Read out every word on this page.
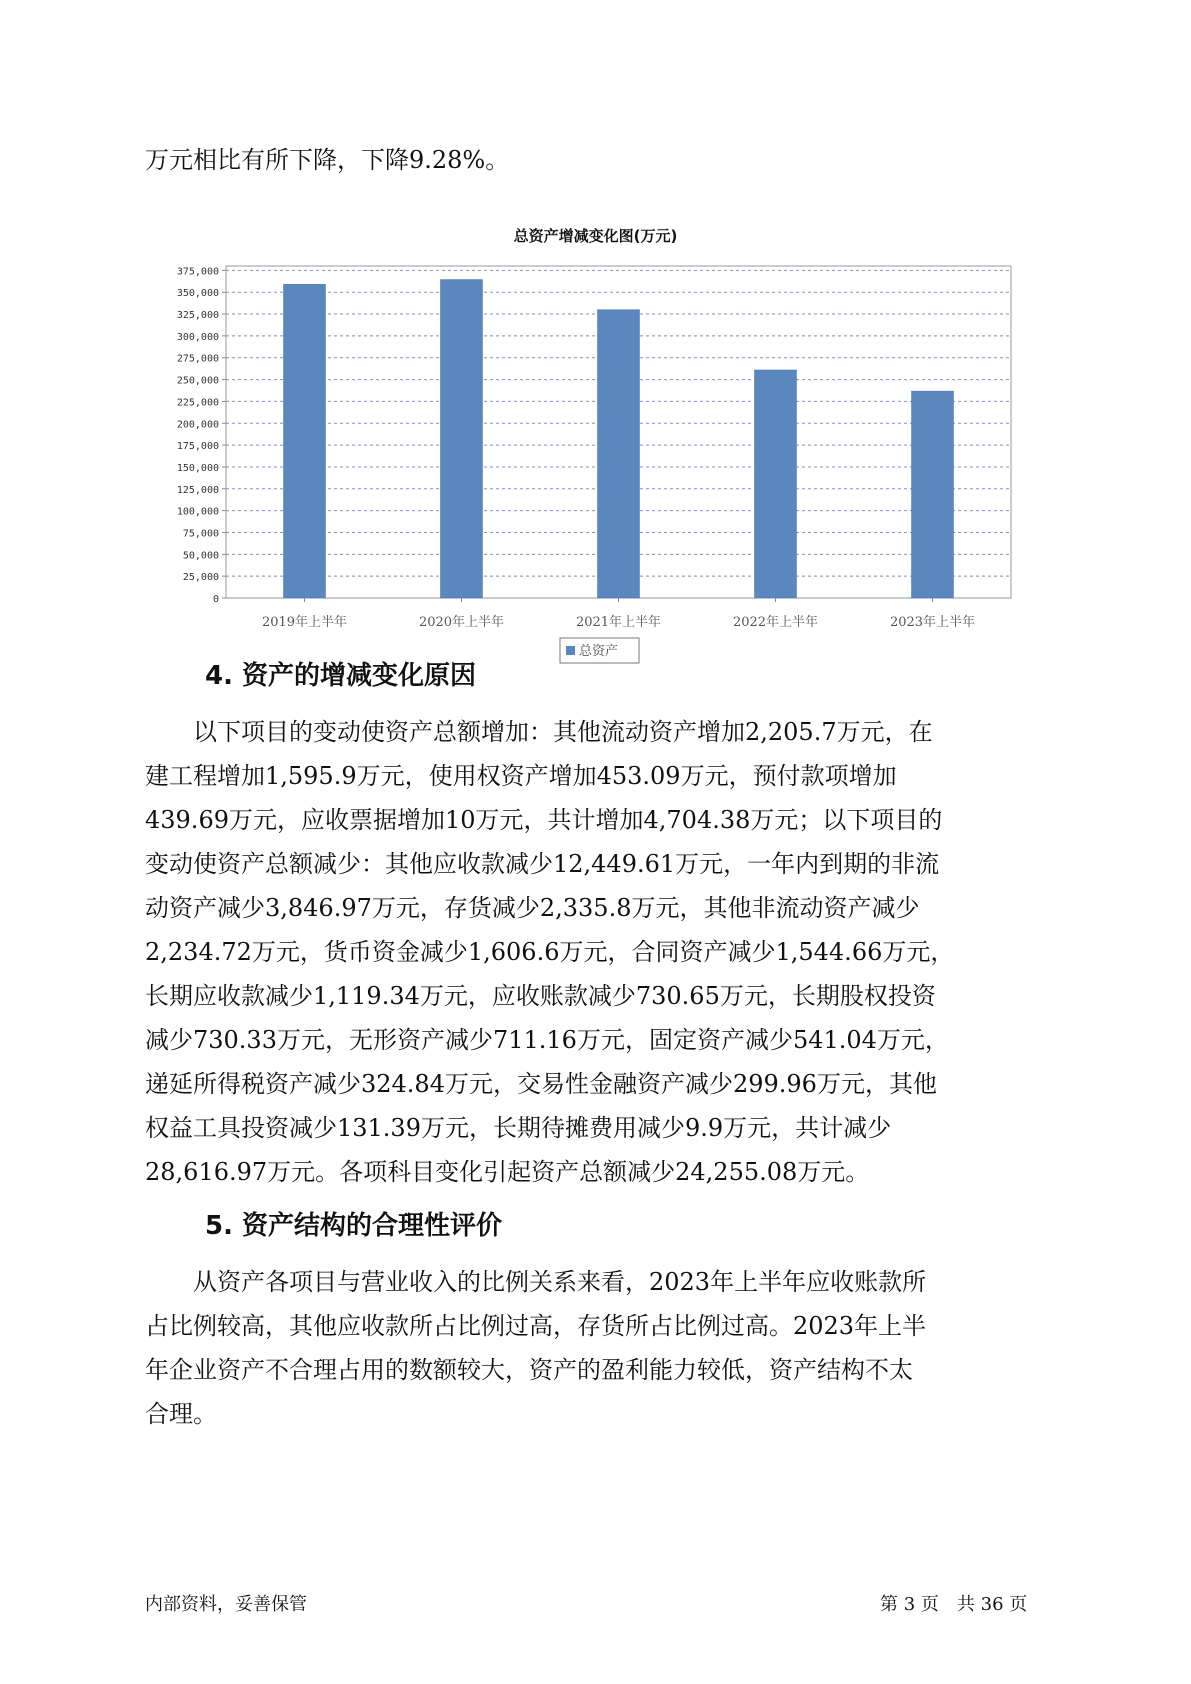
万元相比有所下降，下降9.28%。
总资产增减变化图(万元)
0
25,000
50,000
75,000
100,000
125,000
150,000
175,000
200,000
225,000
250,000
275,000
300,000
325,000
350,000
375,000
2019年上半年	2020年上半年	2021年上半年	2022年上半年	2023年上半年
总资产
4. 资产的增减变化原因
以下项目的变动使资产总额增加：其他流动资产增加2,205.7万元，在
建工程增加1,595.9万元，使用权资产增加453.09万元，预付款项增加
439.69万元，应收票据增加10万元，共计增加4,704.38万元；以下项目的
变动使资产总额减少：其他应收款减少12,449.61万元，一年内到期的非流
动资产减少3,846.97万元，存货减少2,335.8万元，其他非流动资产减少
2,234.72万元，货币资金减少1,606.6万元，合同资产减少1,544.66万元，
长期应收款减少1,119.34万元，应收账款减少730.65万元，长期股权投资
减少730.33万元，无形资产减少711.16万元，固定资产减少541.04万元，
递延所得税资产减少324.84万元，交易性金融资产减少299.96万元，其他
权益工具投资减少131.39万元，长期待摊费用减少9.9万元，共计减少
28,616.97万元。各项科目变化引起资产总额减少24,255.08万元。
5. 资产结构的合理性评价
从资产各项目与营业收入的比例关系来看，2023年上半年应收账款所
占比例较高，其他应收款所占比例过高，存货所占比例过高。2023年上半
年企业资产不合理占用的数额较大，资产的盈利能力较低，资产结构不太
合理。
内部资料，妥善保管	第 3 页　共 36 页
